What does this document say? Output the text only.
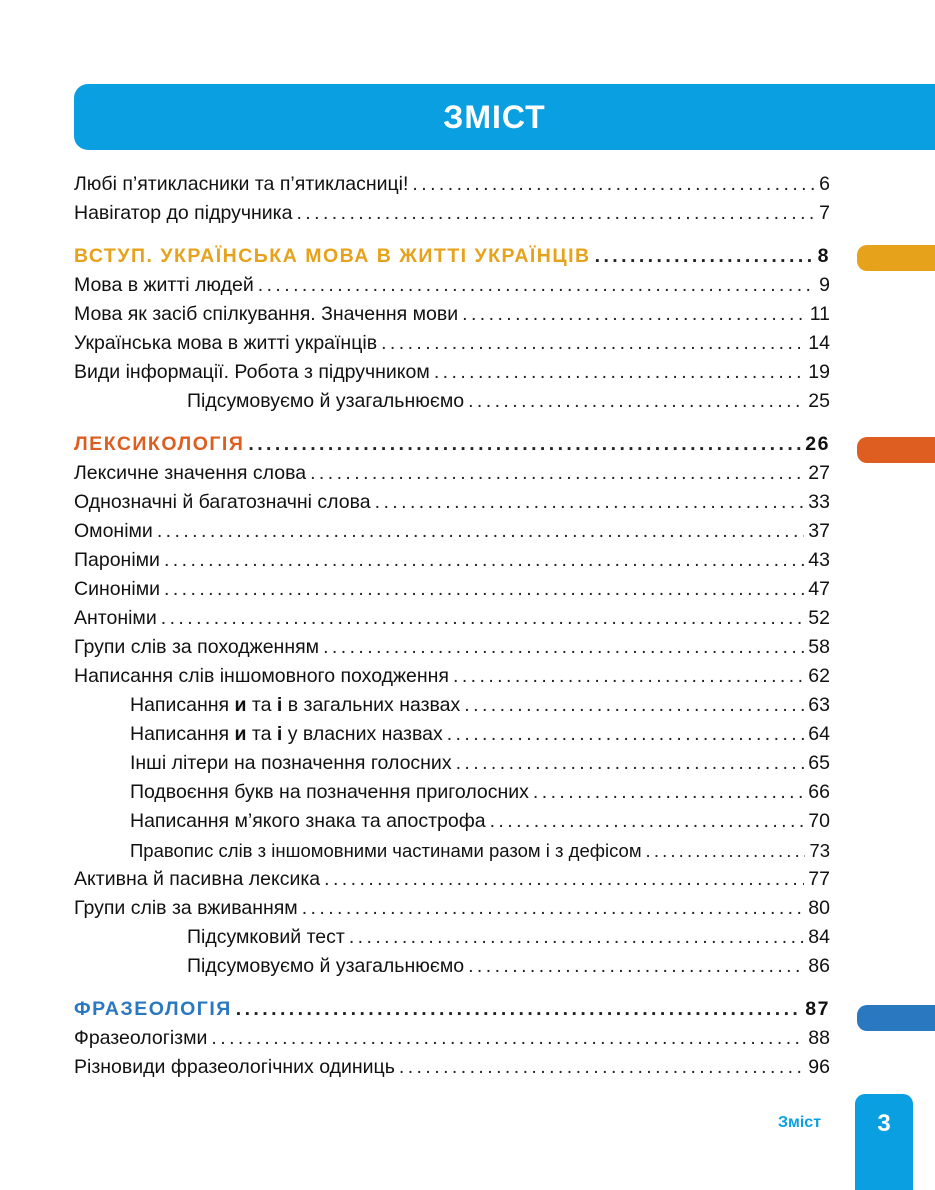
ЗМІСТ
Любі п’ятикласники та п’ятикласниці! . . .	6
Навігатор до підручника . . .	7
ВСТУП. УКРАЇНСЬКА МОВА В ЖИТТІ УКРАЇНЦІВ . . .	8
Мова в житті людей . . .	9
Мова як засіб спілкування. Значення мови . . .	11
Українська мова в житті українців . . .	14
Види інформації. Робота з підручником . . .	19
Підсумовуємо й узагальнюємо . . .	25
ЛЕКСИКОЛОГІЯ . . .	26
Лексичне значення слова . . .	27
Однозначні й багатозначні слова . . .	33
Омоніми . . .	37
Пароніми . . .	43
Синоніми . . .	47
Антоніми . . .	52
Групи слів за походженням . . .	58
Написання слів іншомовного походження . . .	62
Написання и та і в загальних назвах . . .	63
Написання и та і у власних назвах . . .	64
Інші літери на позначення голосних . . .	65
Подвоєння букв на позначення приголосних . . .	66
Написання м’якого знака та апострофа . . .	70
Правопис слів з іншомовними частинами разом і з дефісом . . .	73
Активна й пасивна лексика . . .	77
Групи слів за вживанням . . .	80
Підсумковий тест . . .	84
Підсумовуємо й узагальнюємо . . .	86
ФРАЗЕОЛОГІЯ . . .	87
Фразеологізми . . .	88
Різновиди фразеологічних одиниць . . .	96
Зміст	3
